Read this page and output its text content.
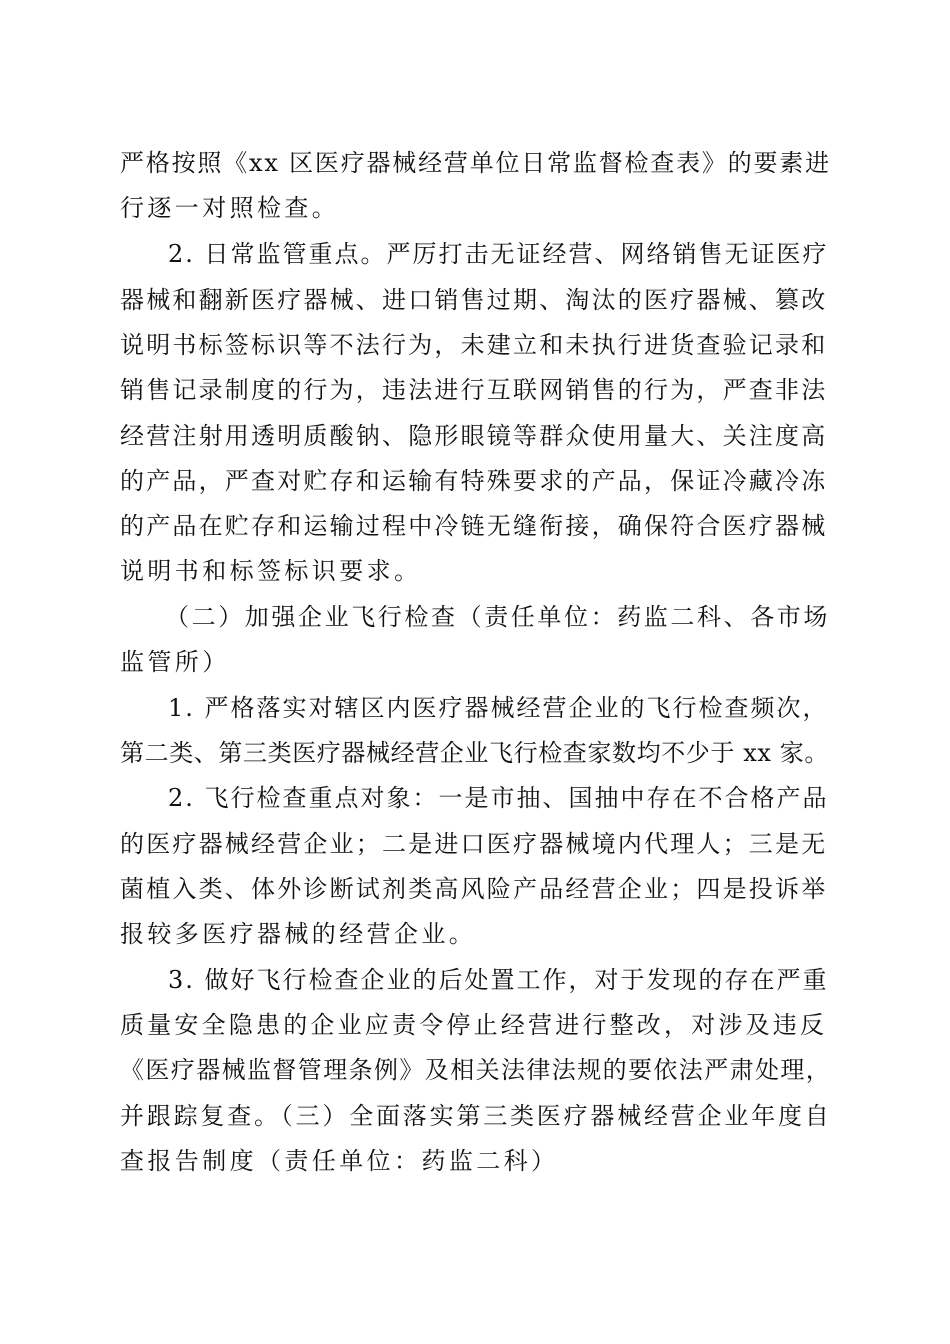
严格按照《xx 区医疗器械经营单位日常监督检查表》的要素进
行逐一对照检查。
2. 日常监管重点。严厉打击无证经营、网络销售无证医疗
器械和翻新医疗器械、进口销售过期、淘汰的医疗器械、篡改
说明书标签标识等不法行为，未建立和未执行进货查验记录和
销售记录制度的行为，违法进行互联网销售的行为，严查非法
经营注射用透明质酸钠、隐形眼镜等群众使用量大、关注度高
的产品，严查对贮存和运输有特殊要求的产品，保证冷藏冷冻
的产品在贮存和运输过程中冷链无缝衔接，确保符合医疗器械
说明书和标签标识要求。
（二）加强企业飞行检查（责任单位：药监二科、各市场
监管所）
1. 严格落实对辖区内医疗器械经营企业的飞行检查频次，
第二类、第三类医疗器械经营企业飞行检查家数均不少于 xx 家。
2. 飞行检查重点对象：一是市抽、国抽中存在不合格产品
的医疗器械经营企业；二是进口医疗器械境内代理人；三是无
菌植入类、体外诊断试剂类高风险产品经营企业；四是投诉举
报较多医疗器械的经营企业。
3. 做好飞行检查企业的后处置工作，对于发现的存在严重
质量安全隐患的企业应责令停止经营进行整改，对涉及违反
《医疗器械监督管理条例》及相关法律法规的要依法严肃处理，
并跟踪复查。（三）全面落实第三类医疗器械经营企业年度自
查报告制度（责任单位：药监二科）
